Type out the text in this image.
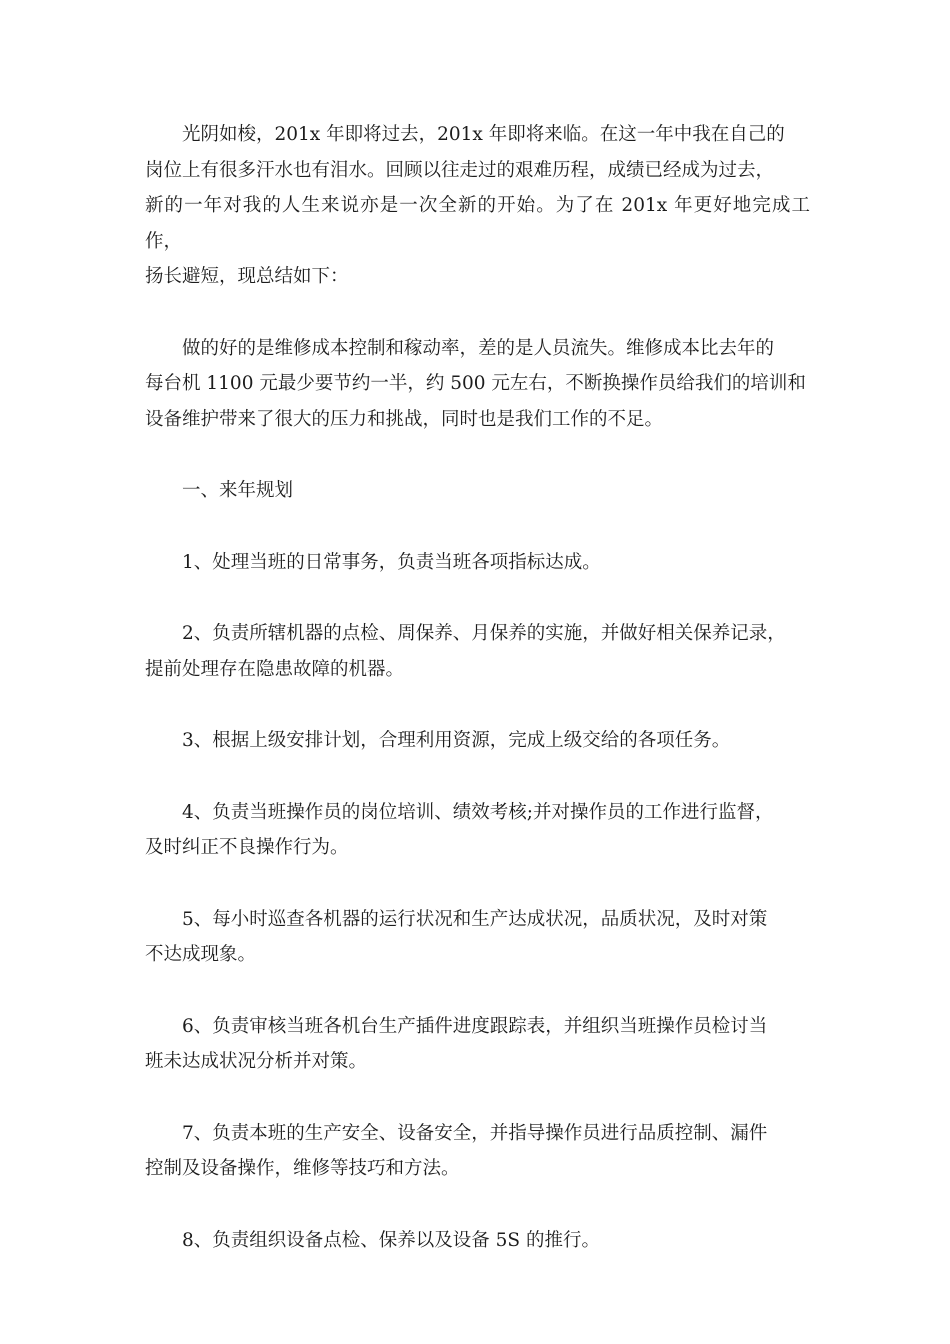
光阴如梭，201x 年即将过去，201x 年即将来临。在这一年中我在自己的
岗位上有很多汗水也有泪水。回顾以往走过的艰难历程，成绩已经成为过去，
新的一年对我的人生来说亦是一次全新的开始。为了在 201x 年更好地完成工作，
扬长避短，现总结如下：

做的好的是维修成本控制和稼动率，差的是人员流失。维修成本比去年的
每台机 1100 元最少要节约一半，约 500 元左右，不断换操作员给我们的培训和
设备维护带来了很大的压力和挑战，同时也是我们工作的不足。

一、来年规划

1、处理当班的日常事务，负责当班各项指标达成。

2、负责所辖机器的点检、周保养、月保养的实施，并做好相关保养记录，
提前处理存在隐患故障的机器。

3、根据上级安排计划，合理利用资源，完成上级交给的各项任务。

4、负责当班操作员的岗位培训、绩效考核;并对操作员的工作进行监督，
及时纠正不良操作行为。

5、每小时巡查各机器的运行状况和生产达成状况，品质状况，及时对策
不达成现象。

6、负责审核当班各机台生产插件进度跟踪表，并组织当班操作员检讨当
班未达成状况分析并对策。

7、负责本班的生产安全、设备安全，并指导操作员进行品质控制、漏件
控制及设备操作，维修等技巧和方法。

8、负责组织设备点检、保养以及设备 5S 的推行。
